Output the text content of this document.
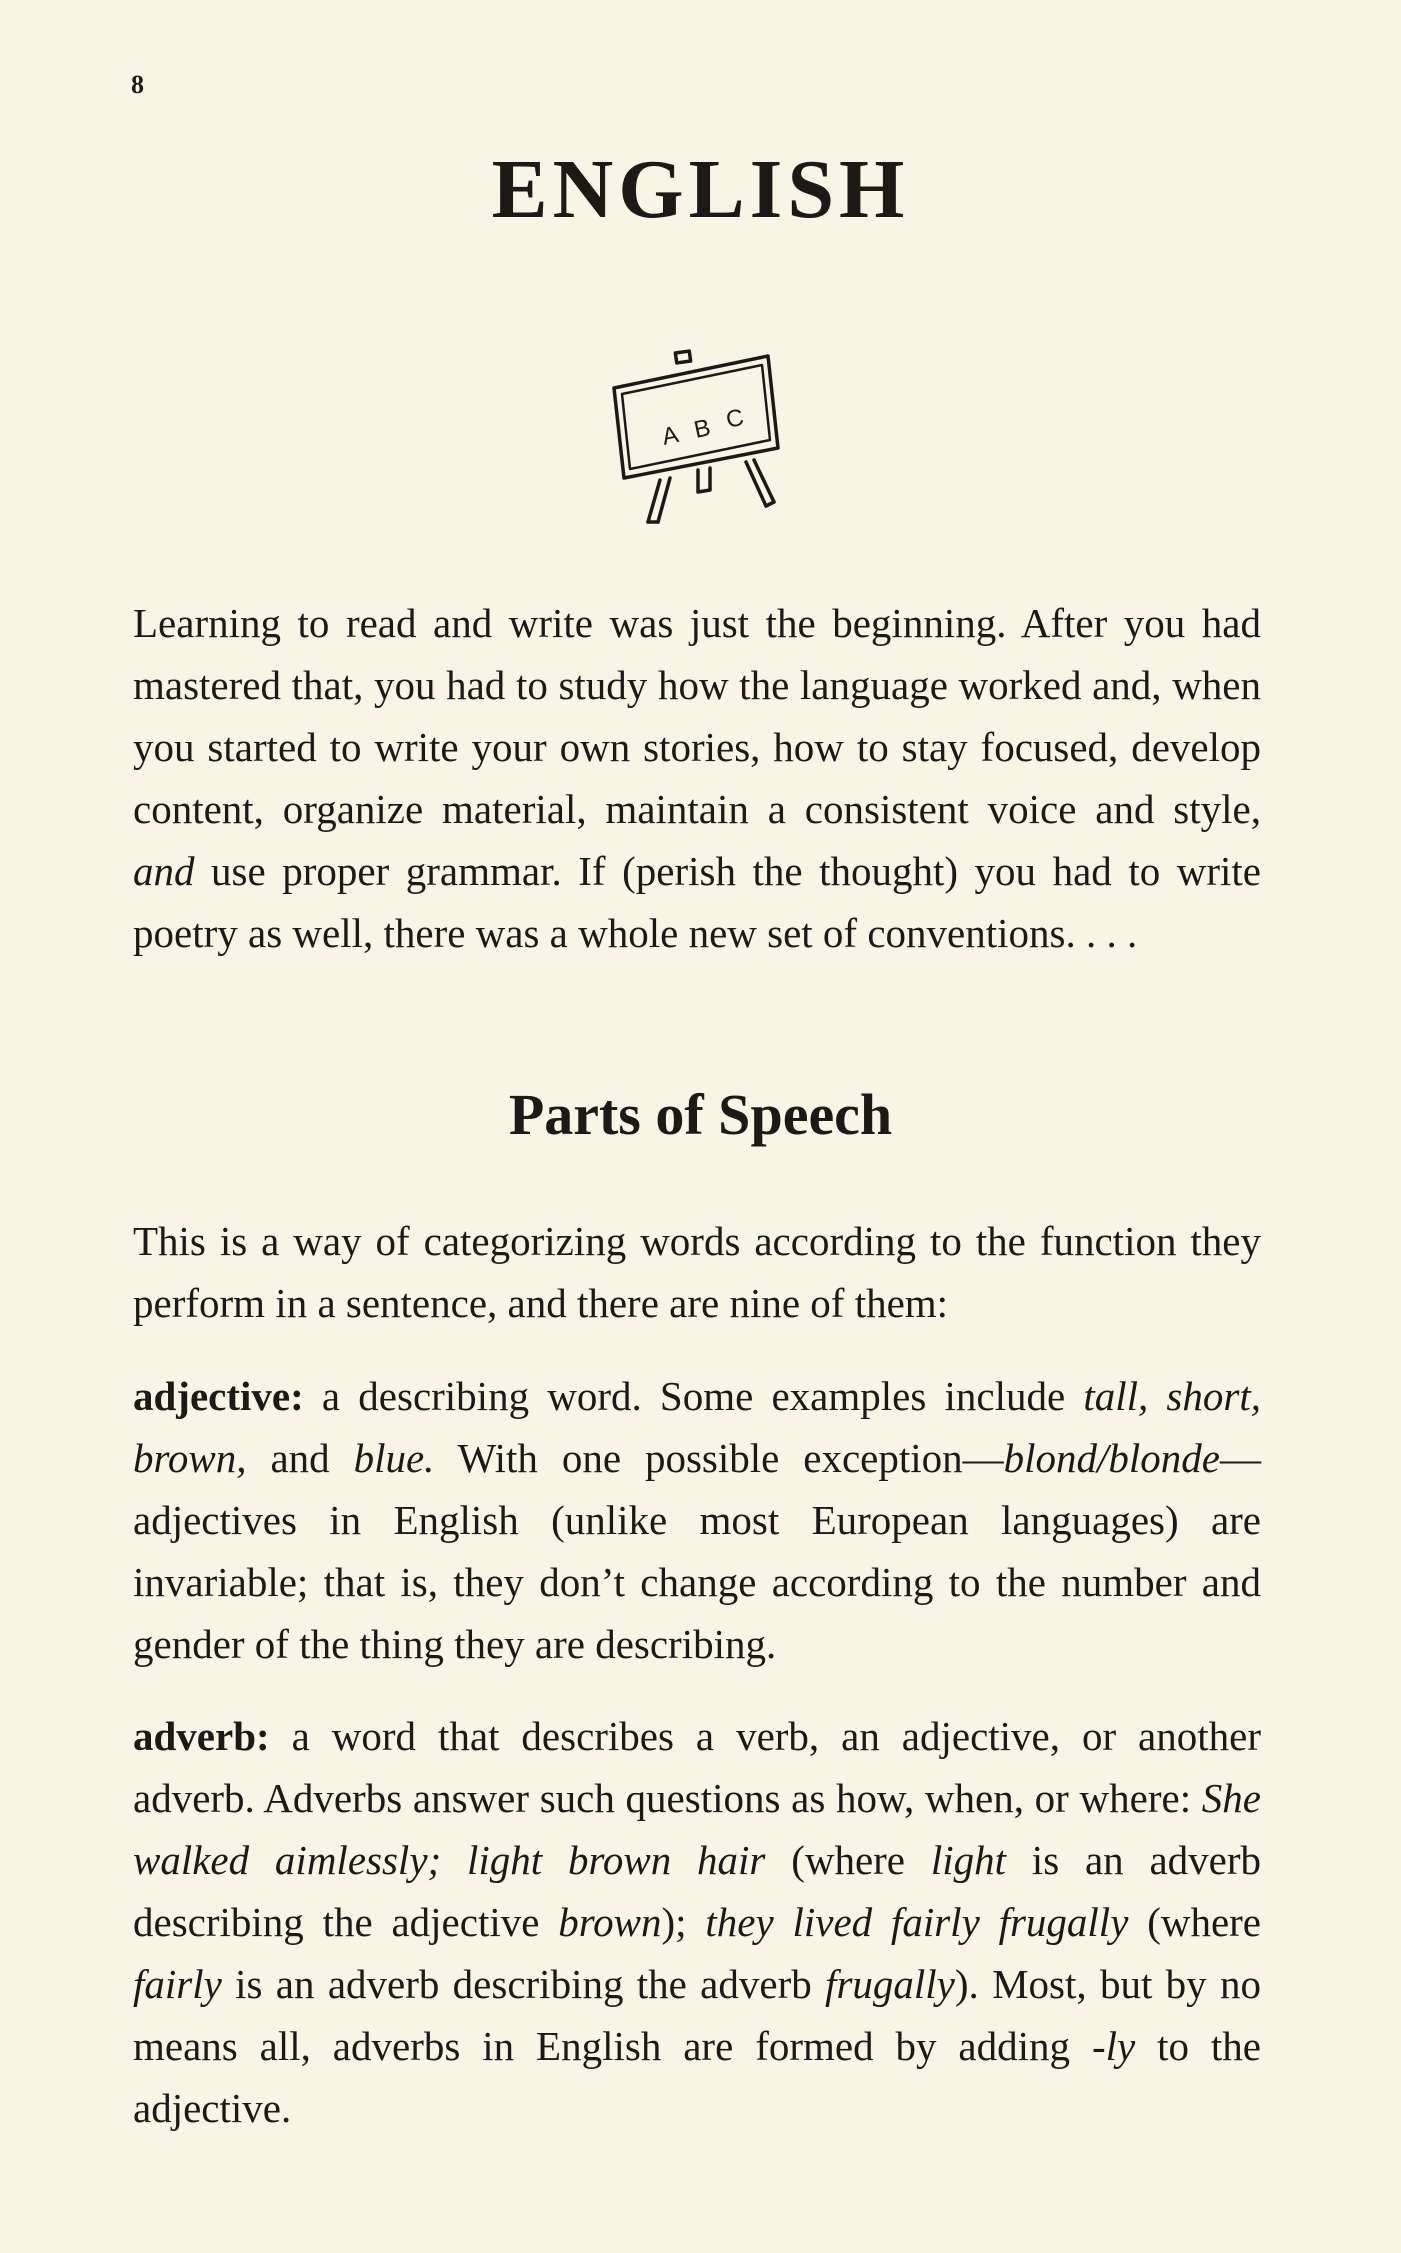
8
ENGLISH
A B C

Learning to read and write was just the beginning. After you had mastered that, you had to study how the language worked and, when you started to write your own stories, how to stay focused, develop content, organize material, maintain a consistent voice and style, and use proper grammar. If (perish the thought) you had to write poetry as well, there was a whole new set of conventions. . . .

Parts of Speech

This is a way of categorizing words according to the function they perform in a sentence, and there are nine of them:

adjective: a describing word. Some examples include tall, short, brown, and blue. With one possible exception—blond/blonde—adjectives in English (unlike most European languages) are invariable; that is, they don’t change according to the number and gender of the thing they are describing.

adverb: a word that describes a verb, an adjective, or another adverb. Adverbs answer such questions as how, when, or where: She walked aimlessly; light brown hair (where light is an adverb describing the adjective brown); they lived fairly frugally (where fairly is an adverb describing the adverb frugally). Most, but by no means all, adverbs in English are formed by adding -ly to the adjective.
